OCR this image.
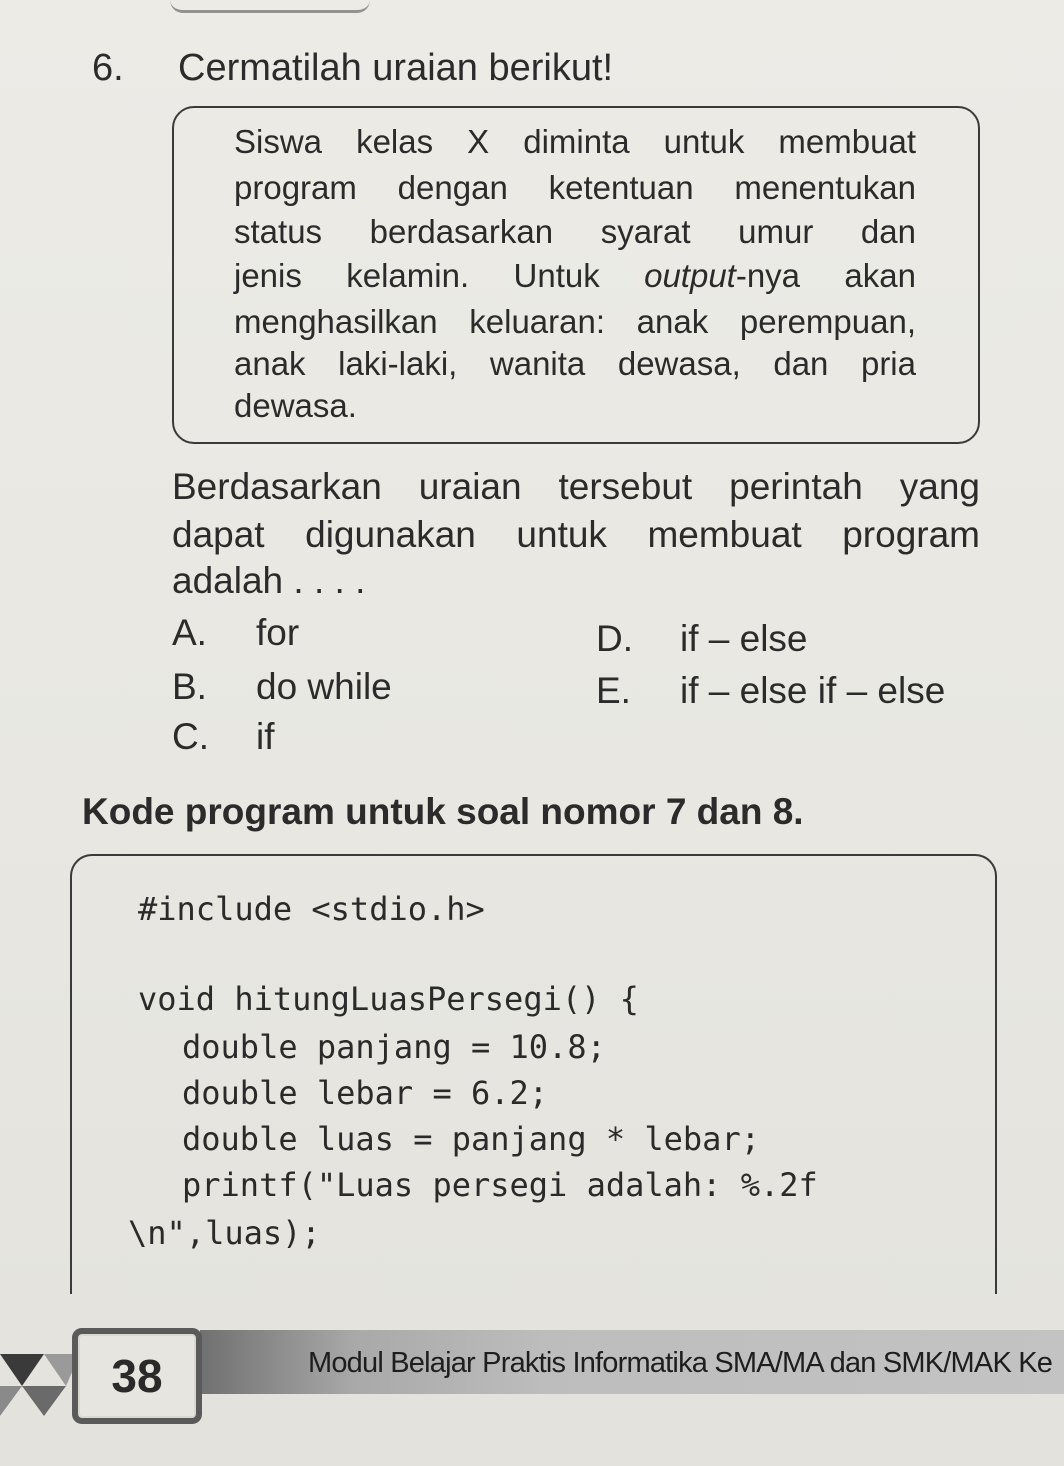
6. Cermatilah uraian berikut!
Siswa kelas X diminta untuk membuat
program dengan ketentuan menentukan
status berdasarkan syarat umur dan
jenis kelamin. Untuk output-nya akan
menghasilkan keluaran: anak perempuan,
anak laki-laki, wanita dewasa, dan pria
dewasa.
Berdasarkan uraian tersebut perintah yang
dapat digunakan untuk membuat program
adalah . . . .
A. for
B. do while
C. if
D. if – else
E. if – else if – else
Kode program untuk soal nomor 7 dan 8.
#include <stdio.h>
void hitungLuasPersegi() {
double panjang = 10.8;
double lebar = 6.2;
double luas = panjang * lebar;
printf("Luas persegi adalah: %.2f
\n",luas);
38	Modul Belajar Praktis Informatika SMA/MA dan SMK/MAK Ke
